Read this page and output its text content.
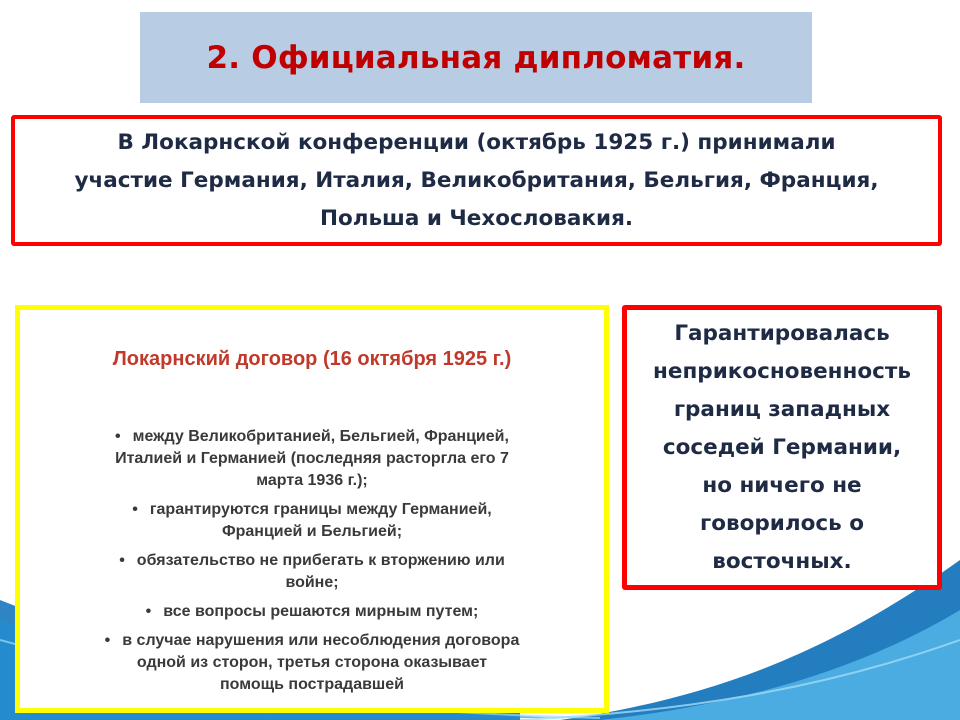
2. Официальная дипломатия.

В Локарнской конференции (октябрь 1925 г.) принимали
участие Германия, Италия, Великобритания, Бельгия, Франция,
Польша и Чехословакия.

Локарнский договор (16 октября 1925 г.)
• между Великобританией, Бельгией, Францией,
Италией и Германией (последняя расторгла его 7
марта 1936 г.);
• гарантируются границы между Германией,
Францией и Бельгией;
• обязательство не прибегать к вторжению или
войне;
• все вопросы решаются мирным путем;
• в случае нарушения или несоблюдения договора
одной из сторон, третья сторона оказывает
помощь пострадавшей

Гарантировалась
неприкосновенность
границ западных
соседей Германии,
но ничего не
говорилось о
восточных.
